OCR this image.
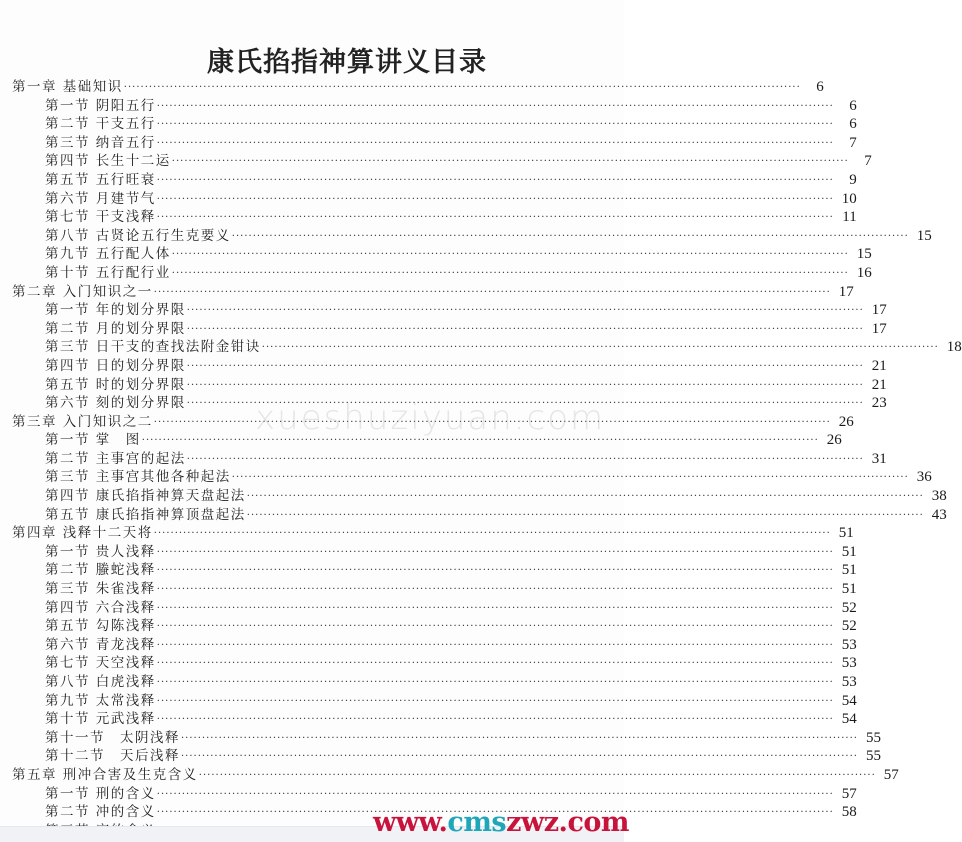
康氏掐指神算讲义目录
第一章 基础知识 ·····	6
第一节 阴阳五行 ·····	6
第二节 干支五行 ·····	6
第三节 纳音五行 ·····	7
第四节 长生十二运 ·····	7
第五节 五行旺衰 ·····	9
第六节 月建节气 ·····	10
第七节 干支浅释 ·····	11
第八节 古贤论五行生克要义 ·····	15
第九节 五行配人体 ·····	15
第十节 五行配行业 ·····	16
第二章 入门知识之一 ·····	17
第一节 年的划分界限 ·····	17
第二节 月的划分界限 ·····	17
第三节 日干支的查找法附金钳诀 ·····	18
第四节 日的划分界限 ·····	21
第五节 时的划分界限 ·····	21
第六节 刻的划分界限 ·····	23
第三章 入门知识之二 ·····	26
第一节 掌　图 ·····	26
第二节 主事宫的起法 ·····	31
第三节 主事宫其他各种起法 ·····	36
第四节 康氏掐指神算天盘起法 ·····	38
第五节 康氏掐指神算顶盘起法 ·····	43
第四章 浅释十二天将 ·····	51
第一节 贵人浅释 ·····	51
第二节 螣蛇浅释 ·····	51
第三节 朱雀浅释 ·····	51
第四节 六合浅释 ·····	52
第五节 勾陈浅释 ·····	52
第六节 青龙浅释 ·····	53
第七节 天空浅释 ·····	53
第八节 白虎浅释 ·····	53
第九节 太常浅释 ·····	54
第十节 元武浅释 ·····	54
第十一节　太阴浅释 ·····	55
第十二节　天后浅释 ·····	55
第五章 刑冲合害及生克含义 ·····	57
第一节 刑的含义 ·····	57
第二节 冲的含义 ·····	58
xueshuziyuan.com
www.cmszwz.com
